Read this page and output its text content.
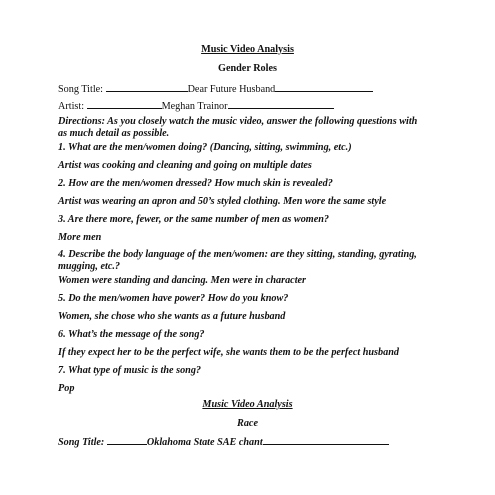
Music Video Analysis
Gender Roles
Song Title:	Dear Future Husband
Artist:	Meghan Trainor
Directions: As you closely watch the music video, answer the following questions with as much detail as possible.
1. What are the men/women doing? (Dancing, sitting, swimming, etc.)
Artist was cooking and cleaning and going on multiple dates
2. How are the men/women dressed? How much skin is revealed?
Artist was wearing an apron and 50’s styled clothing. Men wore the same style
3. Are there more, fewer, or the same number of men as women?
More men
4. Describe the body language of the men/women: are they sitting, standing, gyrating, mugging, etc.?
Women were standing and dancing. Men were in character
5. Do the men/women have power? How do you know?
Women, she chose who she wants as a future husband
6. What’s the message of the song?
If they expect her to be the perfect wife, she wants them to be the perfect husband
7. What type of music is the song?
Pop
Music Video Analysis
Race
Song Title:	Oklahoma State SAE chant
